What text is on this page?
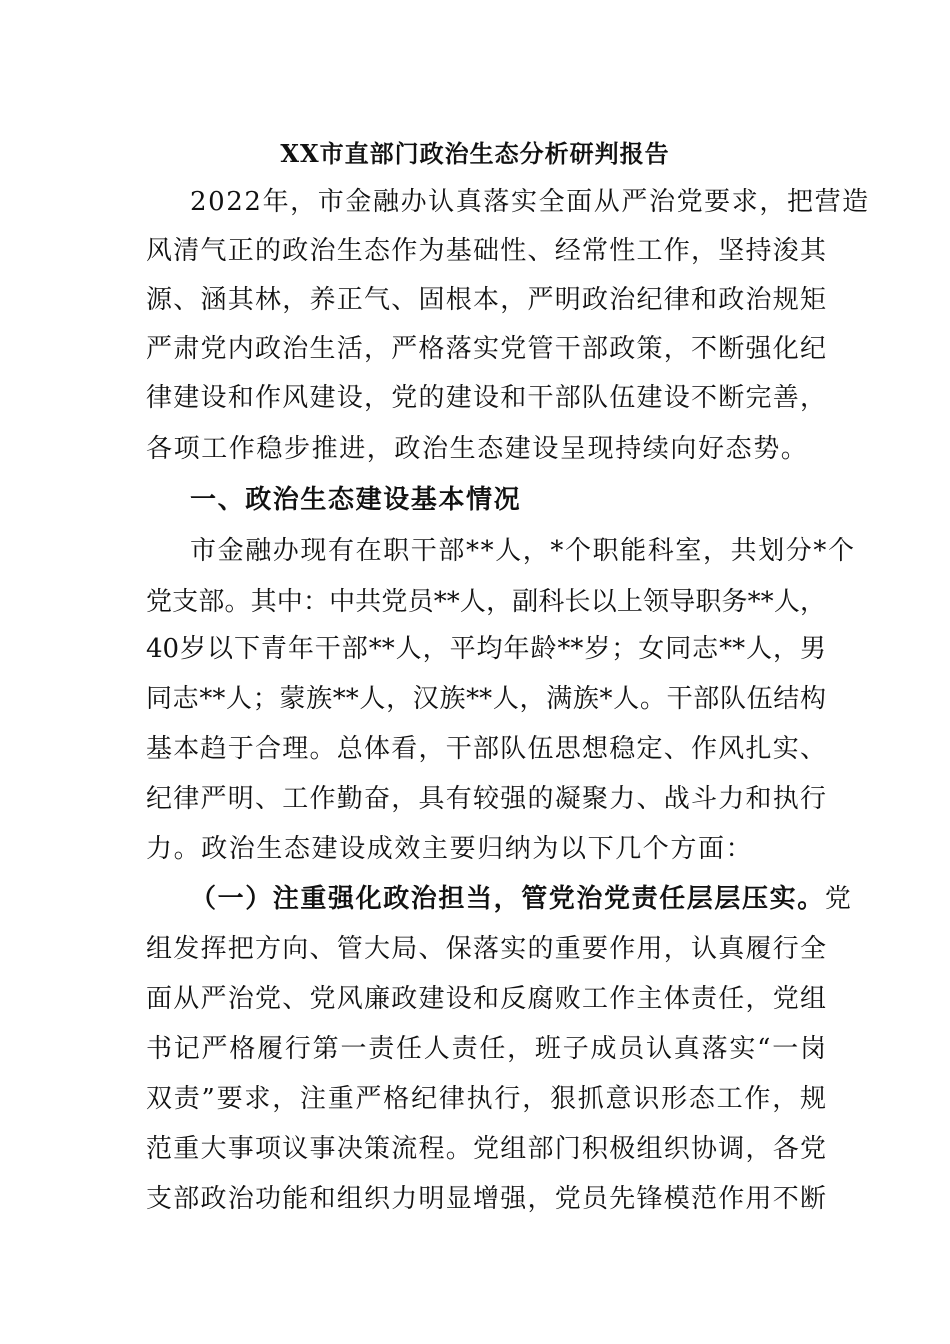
XX市直部门政治生态分析研判报告
2022年，市金融办认真落实全面从严治党要求，把营造
风清气正的政治生态作为基础性、经常性工作，坚持浚其
源、涵其林，养正气、固根本，严明政治纪律和政治规矩
严肃党内政治生活，严格落实党管干部政策，不断强化纪
律建设和作风建设，党的建设和干部队伍建设不断完善，
各项工作稳步推进，政治生态建设呈现持续向好态势。
一、政治生态建设基本情况
市金融办现有在职干部**人，*个职能科室，共划分*个
党支部。其中：中共党员**人，副科长以上领导职务**人，
40岁以下青年干部**人，平均年龄**岁；女同志**人，男
同志**人；蒙族**人，汉族**人，满族*人。干部队伍结构
基本趋于合理。总体看，干部队伍思想稳定、作风扎实、
纪律严明、工作勤奋，具有较强的凝聚力、战斗力和执行
力。政治生态建设成效主要归纳为以下几个方面：
（一）注重强化政治担当，管党治党责任层层压实。党
组发挥把方向、管大局、保落实的重要作用，认真履行全
面从严治党、党风廉政建设和反腐败工作主体责任，党组
书记严格履行第一责任人责任，班子成员认真落实“一岗
双责”要求，注重严格纪律执行，狠抓意识形态工作，规
范重大事项议事决策流程。党组部门积极组织协调，各党
支部政治功能和组织力明显增强，党员先锋模范作用不断
